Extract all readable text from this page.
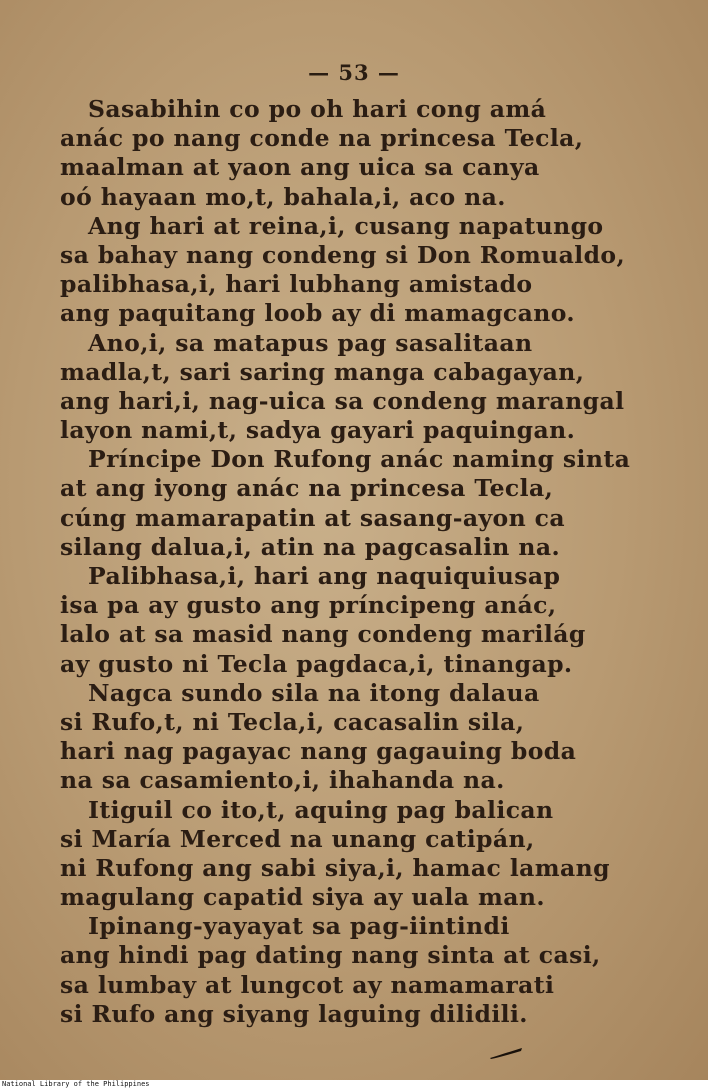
— 53 —
Sasabihin co po oh hari cong amá
anác po nang conde na princesa Tecla,
maalman at yaon ang uica sa canya
oó hayaan mo,t, bahala,i, aco na.
Ang hari at reina,i, cusang napatungo
sa bahay nang condeng si Don Romualdo,
palibhasa,i, hari lubhang amistado
ang paquitang loob ay di mamagcano.
Ano,i, sa matapus pag sasalitaan
madla,t, sari saring manga cabagayan,
ang hari,i, nag-uica sa condeng marangal
layon nami,t, sadya gayari paquingan.
Príncipe Don Rufong anác naming sinta
at ang iyong anác na princesa Tecla,
cúng mamarapatin at sasang-ayon ca
silang dalua,i, atin na pagcasalin na.
Palibhasa,i, hari ang naquiquiusap
isa pa ay gusto ang príncipeng anác,
lalo at sa masid nang condeng marilág
ay gusto ni Tecla pagdaca,i, tinangap.
Nagca sundo sila na itong dalaua
si Rufo,t, ni Tecla,i, cacasalin sila,
hari nag pagayac nang gagauing boda
na sa casamiento,i, ihahanda na.
Itiguil co ito,t, aquing pag balican
si María Merced na unang catipán,
ni Rufong ang sabi siya,i, hamac lamang
magulang capatid siya ay uala man.
Ipinang-yayayat sa pag-iintindi
ang hindi pag dating nang sinta at casi,
sa lumbay at lungcot ay namamarati
si Rufo ang siyang laguing dilidili.
National Library of the Philippines
